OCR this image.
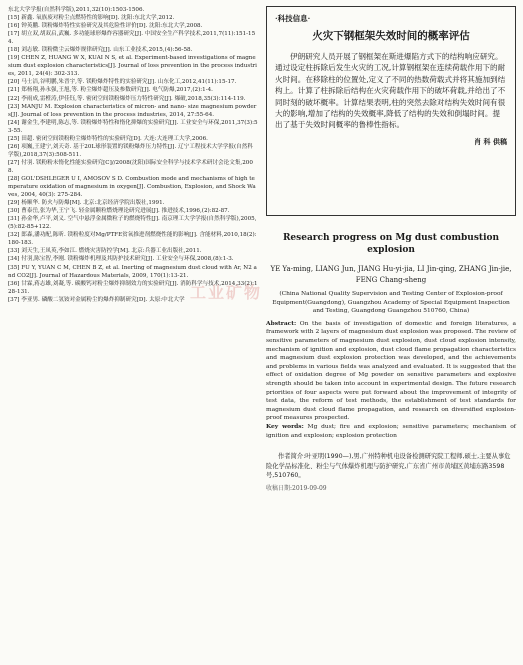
东北大学学报(自然科学版),2011,32(10):1503-1506.

[15] 新鑫. 氧族废对粉尘点燃特性的影响[D]. 沈阳:东北大学,2012.

[16] 钟英鹏. 镁粉爆炸特性实验研究及其危险性评价[D]. 沈阳:东北大学,2008.

[17] 胡立双,胡双启,武巍. 多功能球形爆炸容器研究[J]. 中国安全生产科学技术,2011,7(11):151-154.

[18] 刘志敏. 镁粉微尘云爆炸规律研究[J]. 山东工业技术,2015,(4):56-58.

[19] CHEN Z, HUANG W X, KUAI N S, et al. Experiment-based investigations of magnesium dust explosion characteristics[J]. Journal of loss prevention in the process industries, 2011, 24(4): 302-313.

[20] 马士洁,谷明鹏,朱晋宇,等. 镁粉爆炸特性的实验研究[J]. 山东化工,2012,41(11):15-17.

[21] 郑杨翔,孙永强,王旭,等. 粉尘爆炸超压及参数研究[J]. 电气防爆,2017,(2):1-4.

[22] 李雨成,雷橙涛,伊佳钰,等. 密闭空间镁粉爆炸压力特性研究[J]. 爆破,2018,35(3):114-119.

[23] MANJU M. Explosion characteristics of micron- and nano- size magnesium powders[J]. Journal of loss prevention in the process industries, 2014, 27:55-64.

[24] 谢金生,李建明,陈志,等. 镁粉爆炸特性和惰化抑爆的实验研究[J]. 工业安全与环保,2011,37(3):53-55.

[25] 田超. 密闭空间镁粉粉尘爆炸特性的实验研究[D]. 大连:大连理工大学,2006.

[26] 项巍,王建宁,刘天奇. 基于20L球形装置的镁粉爆炸压力特性[J]. 辽宁工程技术大学学报(自然科学版),2018,37(3):508-511.

[27] 付羽. 镁粉粉末惰化性能实验研究[C]//2008(沈阳)国际安全科学与技术学术研讨会论文集,2008.

[28] GOL'DSHLEGER U I, AMOSOV S D. Combustion mode and mechanisms of high temperature oxidation of magnesium in oxygen[J]. Combustion, Explosion, and Shock Waves, 2004, 40(3): 275-284.

[29] 杨顺华. 防火与防爆[M]. 北京:北京经济学院出版社,1991.

[30] 曹泰岳,张为华,王宁飞. 轻金属颗粒燃烧理论研究进展[J]. 推进技术,1996,(2):82-87.

[31] 孙金华,卢平,刘义. 空气中悬浮金属微粒子的燃烧特性[J]. 南京理工大学学报(自然科学版),2005,(5):82-85+122.

[32] 郎森,潘功配,陈昕. 镁粉粒度对Mg/PTFE贫氧推进剂燃烧性能的影响[J]. 含能材料,2010,18(2):180-183.

[33] 刘天生,王凤英,李如江. 燃烧灾害防控学[M]. 北京:兵器工业出版社,2011.

[34] 付羽,陈宝智,李刚. 镁粉爆炸机理及其防护技术研究[J]. 工业安全与环保,2008,(8):1-3.

[35] FU Y, YUAN C M, CHEN B Z, et al. Inerting of magnesium dust cloud with Ar, N2 and CO2[J]. Journal of Hazardous Materials, 2009, 170(1):13-21.

[36] 甘霖,蒋志雄,刘凝,等. 碳酸钙对粉尘爆炸抑制效力的实验研究[J]. 消防科学与技术,2014,33(2):128-131.

[37] 李亚男. 磷酸二氢铵对金属粉尘的爆炸抑制研究[D]. 太原:中北大学

·科技信息·
火灾下钢框架失效时间的概率评估

伊朗研究人员开展了钢框架在斯进爆陷方式下的结构响应研究。通过设定柱拆除后发生火灾的工况,计算钢框架在连续荷载作用下的耐火时间。在移除柱的位置处,定义了不同的热数荷载式并将其施加到结构上。计算了柱拆除后结构在火灾荷载作用下的破坏荷载,并给出了不同时刻的破坏概率。计算结果表明,柱的突然去除对结构失效时间有很大的影响,增加了结构的失效概率,降低了结构的失效和倒塌时间。提出了基于失效时间概率的鲁棒性指标。

肖 科 供稿
Research progress on Mg dust combustion explosion

YE Ya-ming, LIANG Jun, JIANG Hu-yi-jia, LI Jin-qing, ZHANG Jin-jie, FENG Chang-sheng

(China National Quality Supervision and Testing Center of Explosion-proof Equipment(Guangdong), Guangzhou Academy of Special Equipment Inspection and Testing, Guangdong Guangzhou 510760, China)

Abstract: On the basis of investigation of domestic and foreign literatures, a framework with 2 layers of magnesium dust explosion was proposed. The review of sensitive parameters of magnesium dust explosion, dust cloud explosion intensity, mechanism of ignition and explosion, dust cloud flame propagation characteristics and magnesium dust explosion protection was developed, and the achievements and problems in various fields was analyzed and evaluated. It is suggested that the effect of oxidation degree of Mg powder on sensitive parameters and explosive strength should be taken into account in experimental design. The future research priorities of four aspects were put forward about the improvement of integrity of test data, the reform of test methods, the establishment of test standards for magnesium dust cloud flame propagation, and research on diversified explosion-proof measures prospected.

Key words: Mg dust; fire and explosion; sensitive parameters; mechanism of ignition and explosion; explosion protection

作者简介:叶亚明(1990—),男,广州特种机电设备检测研究院工程师,硕士,主要从事危险化学品标准化、粉尘与气体爆炸机理与防护研究,广东省广州市黄埔区黄埔东路3598号,510760。

收稿日期:2019-09-09

工业矿物
